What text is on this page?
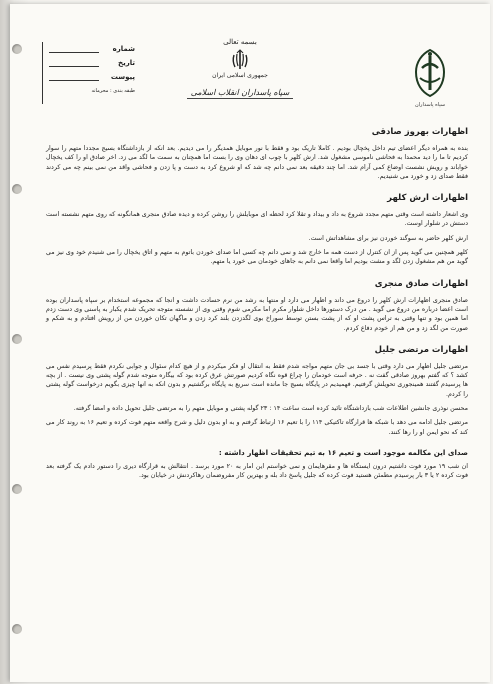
سپاه پاسداران
بسمه تعالی
جمهوری اسلامی ایران
سپاه پاسداران انقلاب اسلامی
شماره
تاریخ
پیوست
طبقه بندی : محرمانه
اظهارات بهروز صادقی

بنده به همراه دیگر اعضای تیم داخل پخچال بودیم . کاملا تاریک بود و فقط با نور موبایل همدیگر را می دیدیم. بعد انکه از بازداشتگاه بسیج مجددا متهم را سوار کردیم تا ما را دید محمدا به فحاشی ناموسی مشغول شد. ارش کلهر با چوب ای دهان وی را بست اما همچنان به سمت ما لگد می زد. اخر صادق او را کف یخچال خواباند و رویش نشست اوضاع کمی آرام شد. اما چند دقیقه بعد نمی دانم چه شد که او شروع کرد به دست و پا زدن و فحاشی واقد من نمی بینم چه می کردند فقط صدای زد و خورد می شنیدیم.

اظهارات ارش کلهر

وی اشعار داشته است وقتی متهم مجدد شروع به داد و بیداد و تقلا کرد لحظه ای موبایلش را روشن کرده و دیده صادق منجری همانگونه که روی متهم نشسته است دستش در شلوار اوست.

ارش کلهر حاضر به سوگند خوردن نیز برای مشاهداتش است.

کلهر همچنین می گوید پس از ان کنترل از دست همه ما خارج شد و نمی دانم چه کسی اما صدای خوردن باتوم به متهم و اتاق یخچال را می شنیدم خود وی نیز می گوید من هم مشغول زدن لگد و مشت بودیم اما واقعا نمی دانم به جاهای خودمان می خورد یا متهم.

اظهارات صادق منجری

صادق منجری اظهارات ارش کلهر را دروغ می داند و اظهار می دارد او منتها به رشد من نرم حسادت داشت و انجا که مجموعه استخدام بر سپاه پاسداران بوده است اعضا درباره من دروغ می گوید . من درک دستورها داخل شلوار مکرم اما مکرمی شوم وقتی وی از نشسته متوجه تحریک شدم یکبار به پاسنی وی دست زدم اما همین بود و تنها وقتی به تراس پشت او که از پشت بستن توسط سوراخ بوی لگدزدن بلند کرد زدن و ماگهان تکان خوردن من از رویش افتادم و به شکم و صورت من لگد زد و من هم از خودم دفاع کردم.

اظهارات مرتضی جلیل

مرتضی جلیل اظهار می دارد وقتی با جسد بی جان متهم مواجه شدم فقط به انتقال او فکر میکردم و از هیچ کدام سئوال و جوابی نکردم فقط پرسیدم نفس می کشد ؟ که گفتم بهروز صادقی گفت نه . حرفه است خودمان را چراغ قوه نگاه کردیم صورتش عرق کرده بود که بیگاره متوجه شدم گوله پشتی وی نیست . از بچه ها پرسیدم گفتند همینجوری تحویلش گرفتیم. فهمیدیم در پایگاه بسیج جا مانده است سریع به پایگاه برگشتیم و بدون انکه به انها چیزی بگویم درخواست گوله پشتی را کردم.

محسن نوذری جانشین اطلاعات شب بازداشتگاه تائید کرده است ساعت ۱۴ : ۲۳ گوله پشتی و موبایل متهم را به مرتضی جلیل تحویل داده و امضا گرفته.

مرتضی جلیل ادامه می دهد با شبکه ها قرارگاه تاکتیکی ۱۱۴ را با تعیم ۱۶ ارتباط گرفتم و به او بدون دلیل و شرح واقعه متهم فوت کرده و تعیم ۱۶ به روند کار می کند که نحو ایمن او را رها کنند.

صدای این مکالمه موجود است و تعیم ۱۶ به تیم تحقیقات اظهار داشته :

ان شب ۱۹ مورد فوت داشتیم درون ایستگاه ها و مقرهایمان و نمی خواستم این امار به ۲۰ مورد برسد . انتقالش به قرارگاه دیری را دستور دادم یک گرفته بعد فوت کرده ۲ یا ۳ بار پرسیدم مطمئن هستید فوت کرده که جلیل پاسخ داد بله و بهترین کار مفروضمان رهاکردنش در خیابان بود.
